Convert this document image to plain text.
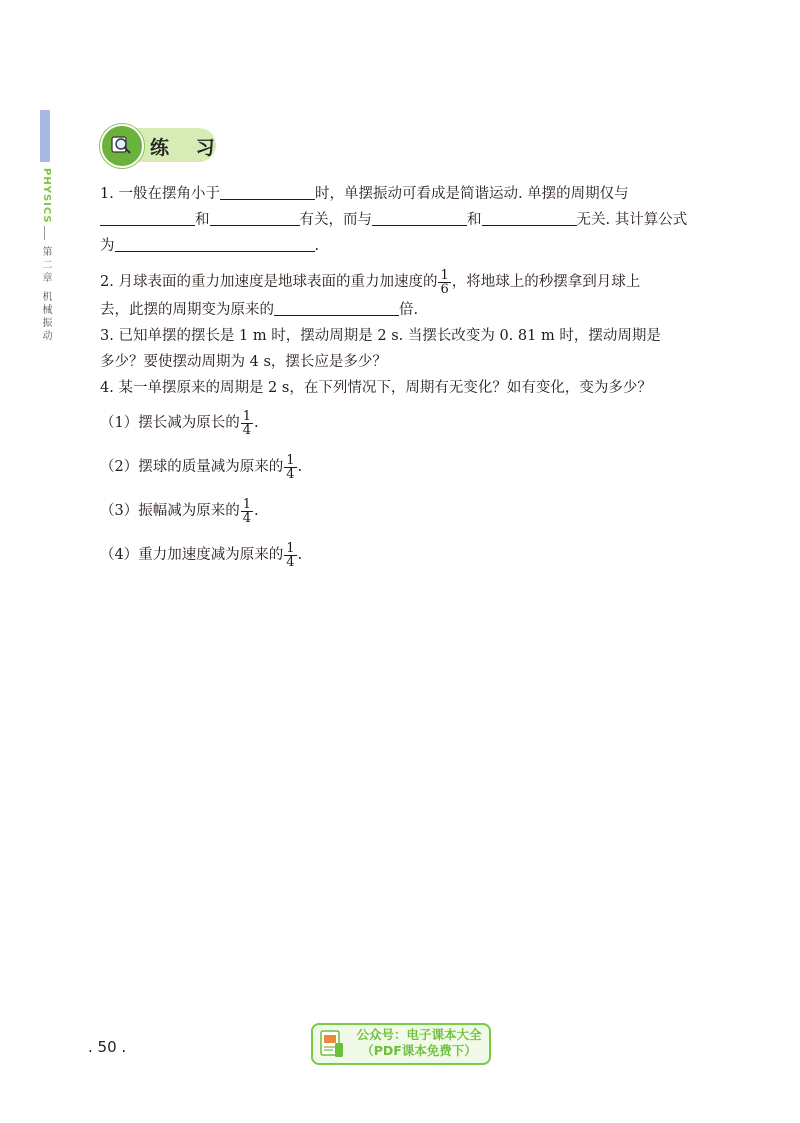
PHYSICS
第二章 机械振动
练 习
1. 一般在摆角小于	时，单摆振动可看成是简谐运动. 单摆的周期仅与
和	有关，而与	和	无关. 其计算公式
为	.
2. 月球表面的重力加速度是地球表面的重力加速度的 $\frac{1}{6}$ ，将地球上的秒摆拿到月球上
去，此摆的周期变为原来的	倍.
3. 已知单摆的摆长是 1 m 时，摆动周期是 2 s. 当摆长改变为 0. 81 m 时，摆动周期是
多少？要使摆动周期为 4 s，摆长应是多少？
4. 某一单摆原来的周期是 2 s，在下列情况下，周期有无变化？如有变化，变为多少？
（1）摆长减为原长的 $\frac{1}{4}$ .
（2）摆球的质量减为原来的 $\frac{1}{4}$ .
（3）振幅减为原来的 $\frac{1}{4}$ .
（4）重力加速度减为原来的 $\frac{1}{4}$ .
. 50 .
公众号：电子课本大全
（PDF课本免费下）
